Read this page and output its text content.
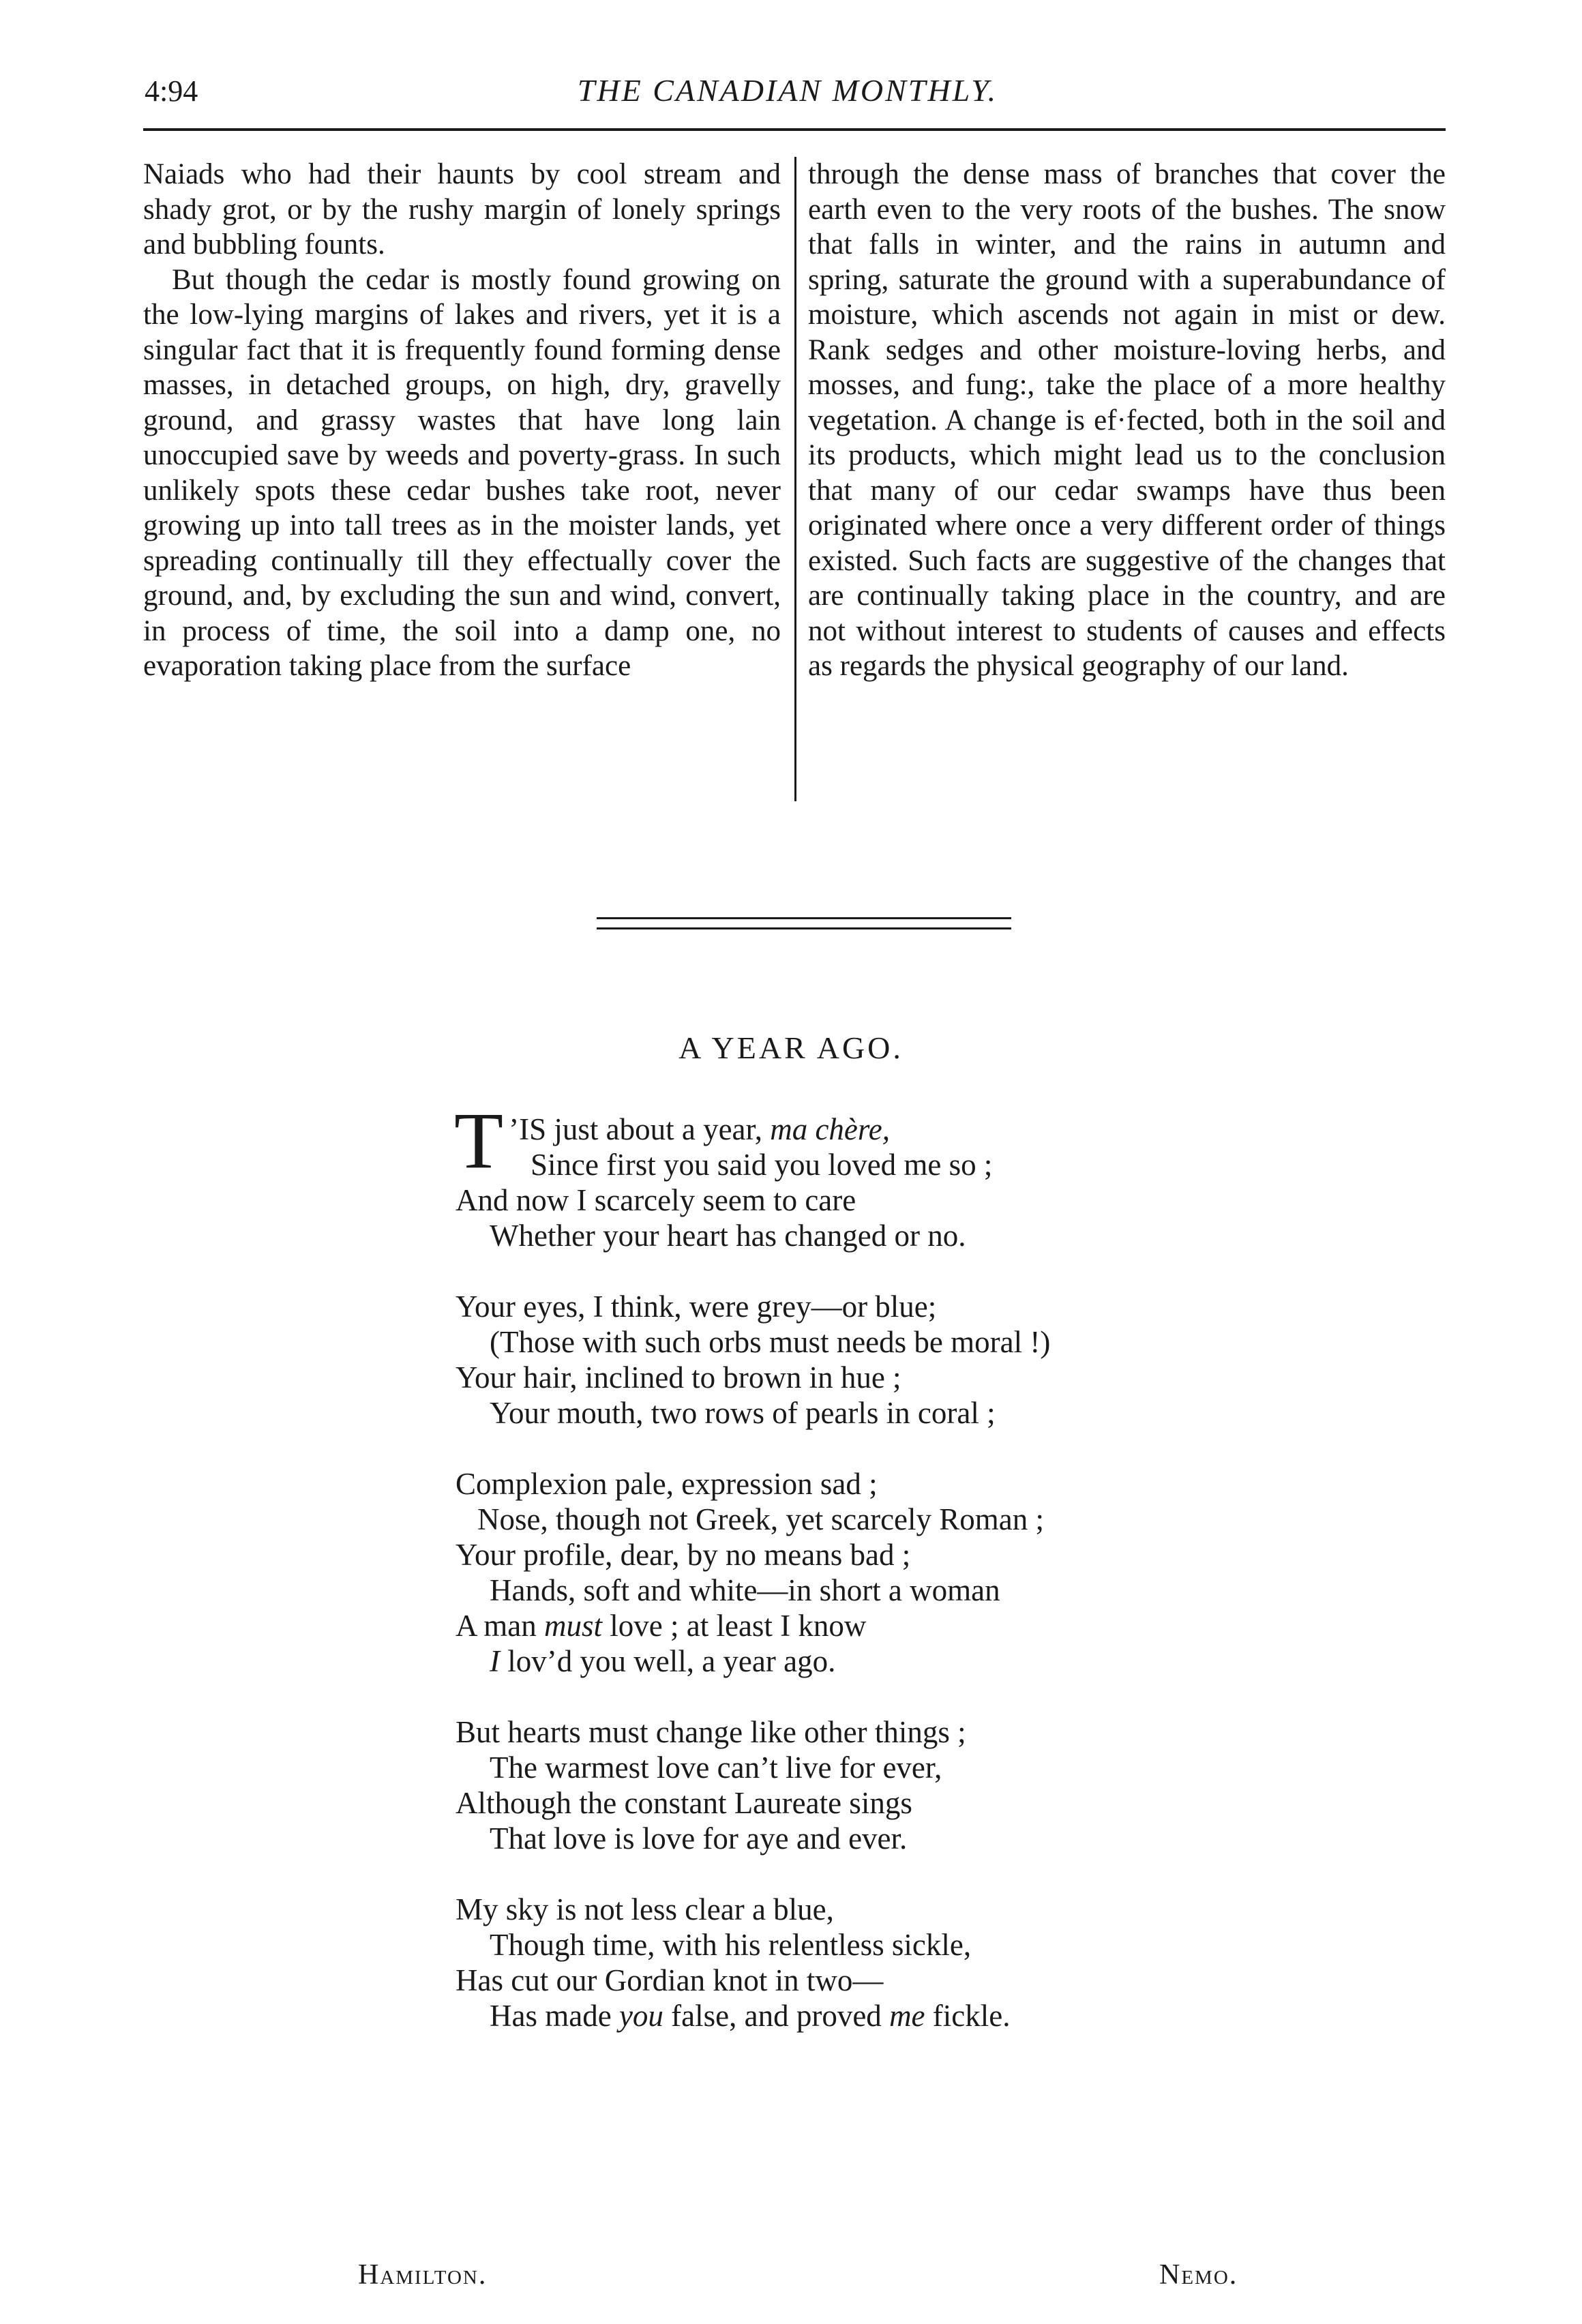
4:94	THE CANADIAN MONTHLY.

Naiads who had their haunts by cool stream and shady grot, or by the rushy margin of lonely springs and bubbling founts.

But though the cedar is mostly found growing on the low-lying margins of lakes and rivers, yet it is a singular fact that it is frequently found forming dense masses, in detached groups, on high, dry, gravelly ground, and grassy wastes that have long lain unoccupied save by weeds and poverty-grass. In such unlikely spots these cedar bushes take root, never growing up into tall trees as in the moister lands, yet spreading continually till they effectually cover the ground, and, by excluding the sun and wind, convert, in process of time, the soil into a damp one, no evaporation taking place from the surface

through the dense mass of branches that cover the earth even to the very roots of the bushes. The snow that falls in winter, and the rains in autumn and spring, saturate the ground with a superabundance of moisture, which ascends not again in mist or dew. Rank sedges and other moisture-loving herbs, and mosses, and fung:, take the place of a more healthy vegetation. A change is ef·fected, both in the soil and its products, which might lead us to the conclusion that many of our cedar swamps have thus been originated where once a very different order of things existed. Such facts are suggestive of the changes that are continually taking place in the country, and are not without interest to students of causes and effects as regards the physical geography of our land.

A YEAR AGO.
’
T IS just about a year, ma chère,
Since first you said you loved me so ;
And now I scarcely seem to care
Whether your heart has changed or no.
Your eyes, I think, were grey—or blue;
(Those with such orbs must needs be moral !)
Your hair, inclined to brown in hue ;
Your mouth, two rows of pearls in coral ;
Complexion pale, expression sad ;
Nose, though not Greek, yet scarcely Roman ;
Your profile, dear, by no means bad ;
Hands, soft and white—in short a woman
A man must love ; at least I know
I lov’d you well, a year ago.
But hearts must change like other things ;
The warmest love can’t live for ever,
Although the constant Laureate sings
That love is love for aye and ever.
My sky is not less clear a blue,
Though time, with his relentless sickle,
Has cut our Gordian knot in two—
Has made you false, and proved me fickle.
Hamilton.	Nemo.
